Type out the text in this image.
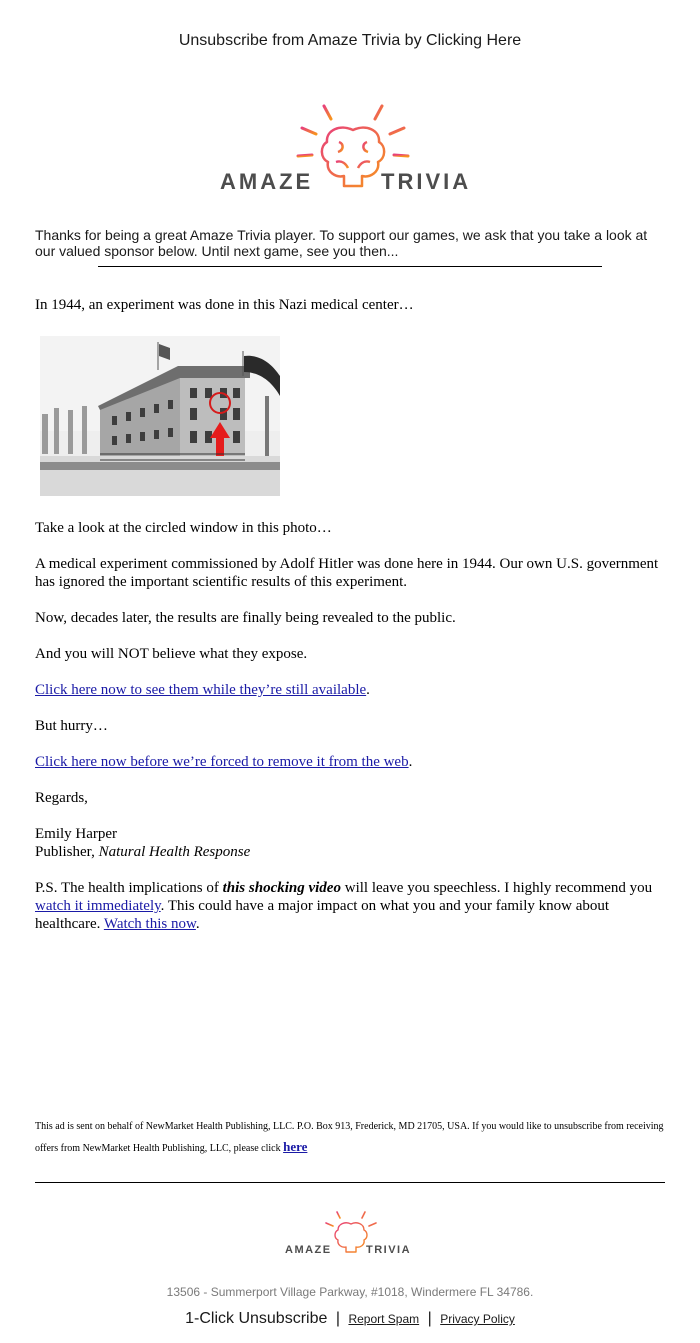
Unsubscribe from Amaze Trivia by Clicking Here
AMAZE	TRIVIA
Thanks for being a great Amaze Trivia player. To support our games, we ask that you take a look at our valued sponsor below. Until next game, see you then...
In 1944, an experiment was done in this Nazi medical center…
Take a look at the circled window in this photo…
A medical experiment commissioned by Adolf Hitler was done here in 1944. Our own U.S. government has ignored the important scientific results of this experiment.
Now, decades later, the results are finally being revealed to the public.
And you will NOT believe what they expose.
Click here now to see them while they’re still available.
But hurry…
Click here now before we’re forced to remove it from the web.
Regards,
Emily Harper
Publisher, Natural Health Response
P.S. The health implications of this shocking video will leave you speechless. I highly recommend you watch it immediately. This could have a major impact on what you and your family know about healthcare. Watch this now.
This ad is sent on behalf of NewMarket Health Publishing, LLC. P.O. Box 913, Frederick, MD 21705, USA. If you would like to unsubscribe from receiving offers from NewMarket Health Publishing, LLC, please click here
AMAZE	TRIVIA
13506 - Summerport Village Parkway, #1018, Windermere FL 34786.
1-Click Unsubscribe | Report Spam | Privacy Policy
